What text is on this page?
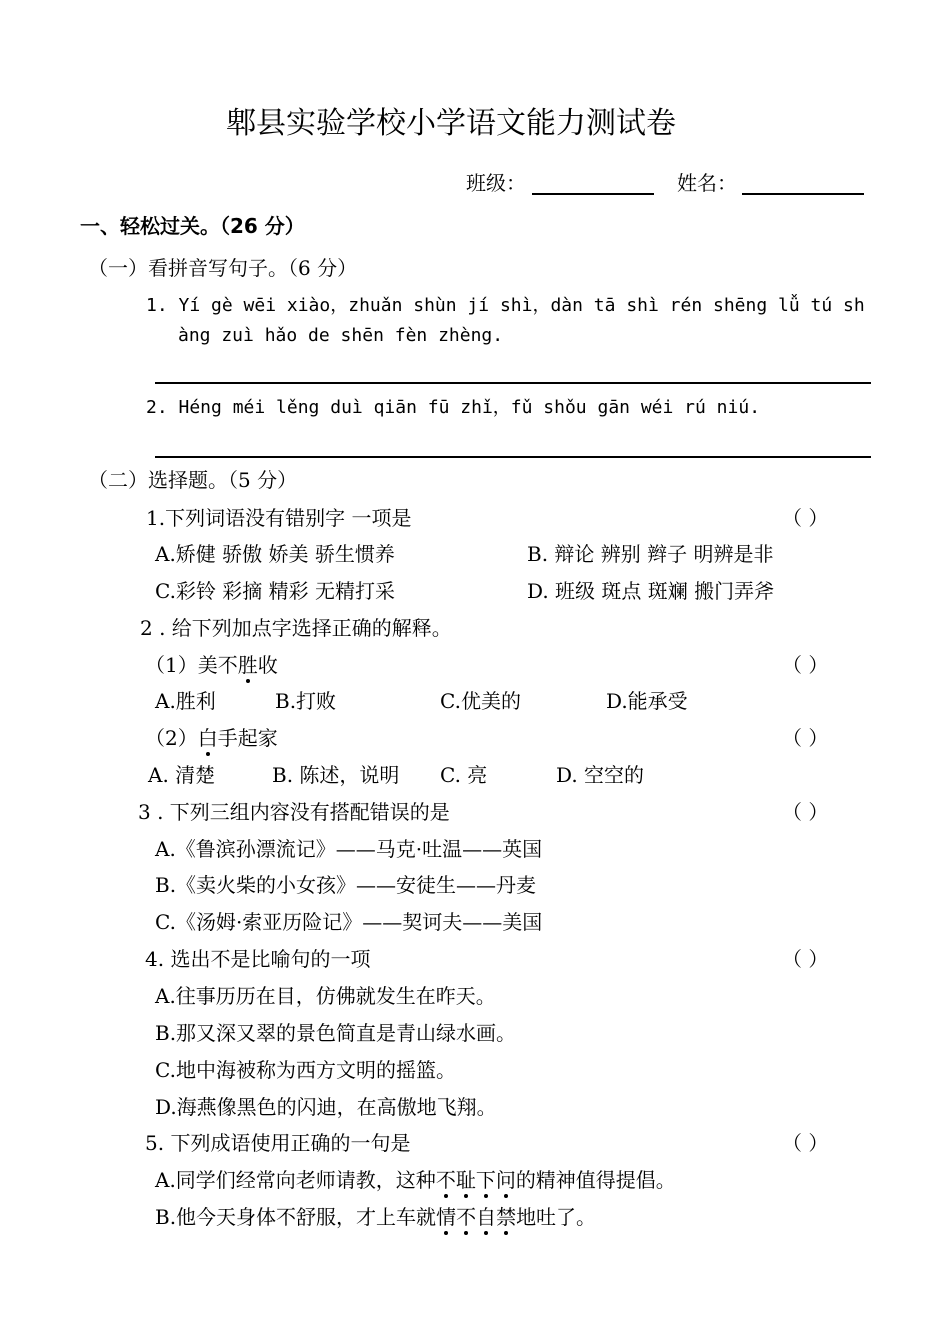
郫县实验学校小学语文能力测试卷
班级：	姓名：
一、轻松过关。（26 分）
（一）看拼音写句子。（6 分）
1. Yí gè wēi xiào，zhuǎn shùn jí shì，dàn tā shì rén shēng lǚ tú sh
àng zuì hǎo de shēn fèn zhèng.
2. Héng méi lěng duì qiān fū zhǐ，fǔ shǒu gān wéi rú niú.
（二）选择题。（5 分）
1.下列词语没有错别字 一项是	（ ）
A.矫健 骄傲 娇美 骄生惯养	B. 辩论 辨别 辫子 明辨是非
C.彩铃 彩摘 精彩 无精打采	D. 班级 斑点 斑斓 搬门弄斧
2 . 给下列加点字选择正确的解释。
（1）美不胜收	（ ）
A.胜利	B.打败	C.优美的	D.能承受
（2）白手起家	（ ）
A. 清楚	B. 陈述，说明 C. 亮	D. 空空的
3 . 下列三组内容没有搭配错误的是	（ ）
A.《鲁滨孙漂流记》——马克·吐温——英国
B.《卖火柴的小女孩》——安徒生——丹麦
C.《汤姆·索亚历险记》——契诃夫——美国
4. 选出不是比喻句的一项	（ ）
A.往事历历在目，仿佛就发生在昨天。
B.那又深又翠的景色简直是青山绿水画。
C.地中海被称为西方文明的摇篮。
D.海燕像黑色的闪迪，在高傲地飞翔。
5. 下列成语使用正确的一句是	（ ）
A.同学们经常向老师请教，这种不耻下问的精神值得提倡。
B.他今天身体不舒服，才上车就情不自禁地吐了。
